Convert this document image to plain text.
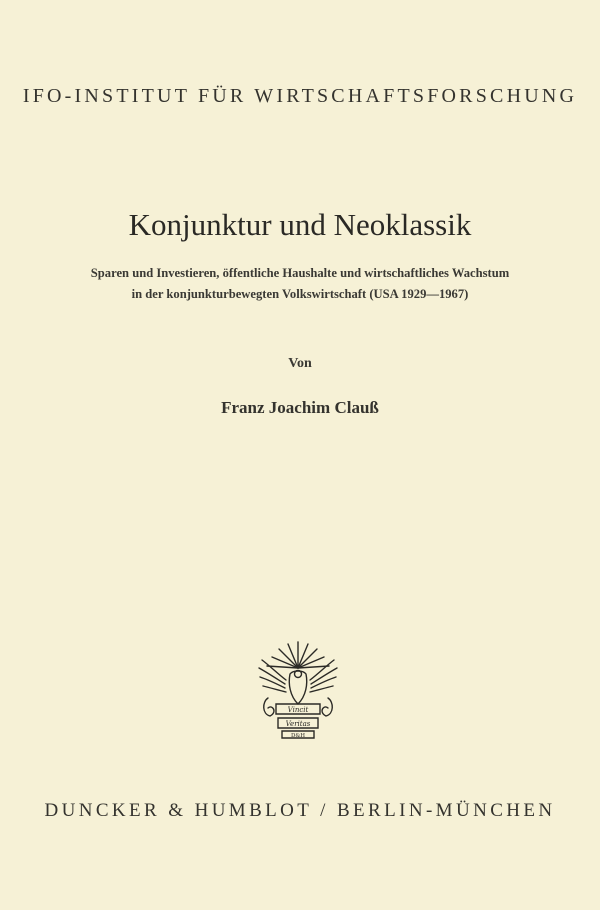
IFO-INSTITUT FÜR WIRTSCHAFTSFORSCHUNG
Konjunktur und Neoklassik
Sparen und Investieren, öffentliche Haushalte und wirtschaftliches Wachstum
in der konjunkturbewegten Volkswirtschaft (USA 1929—1967)
Von
Franz Joachim Clauß
Vincit
Veritas
D&H
DUNCKER & HUMBLOT / BERLIN-MÜNCHEN
